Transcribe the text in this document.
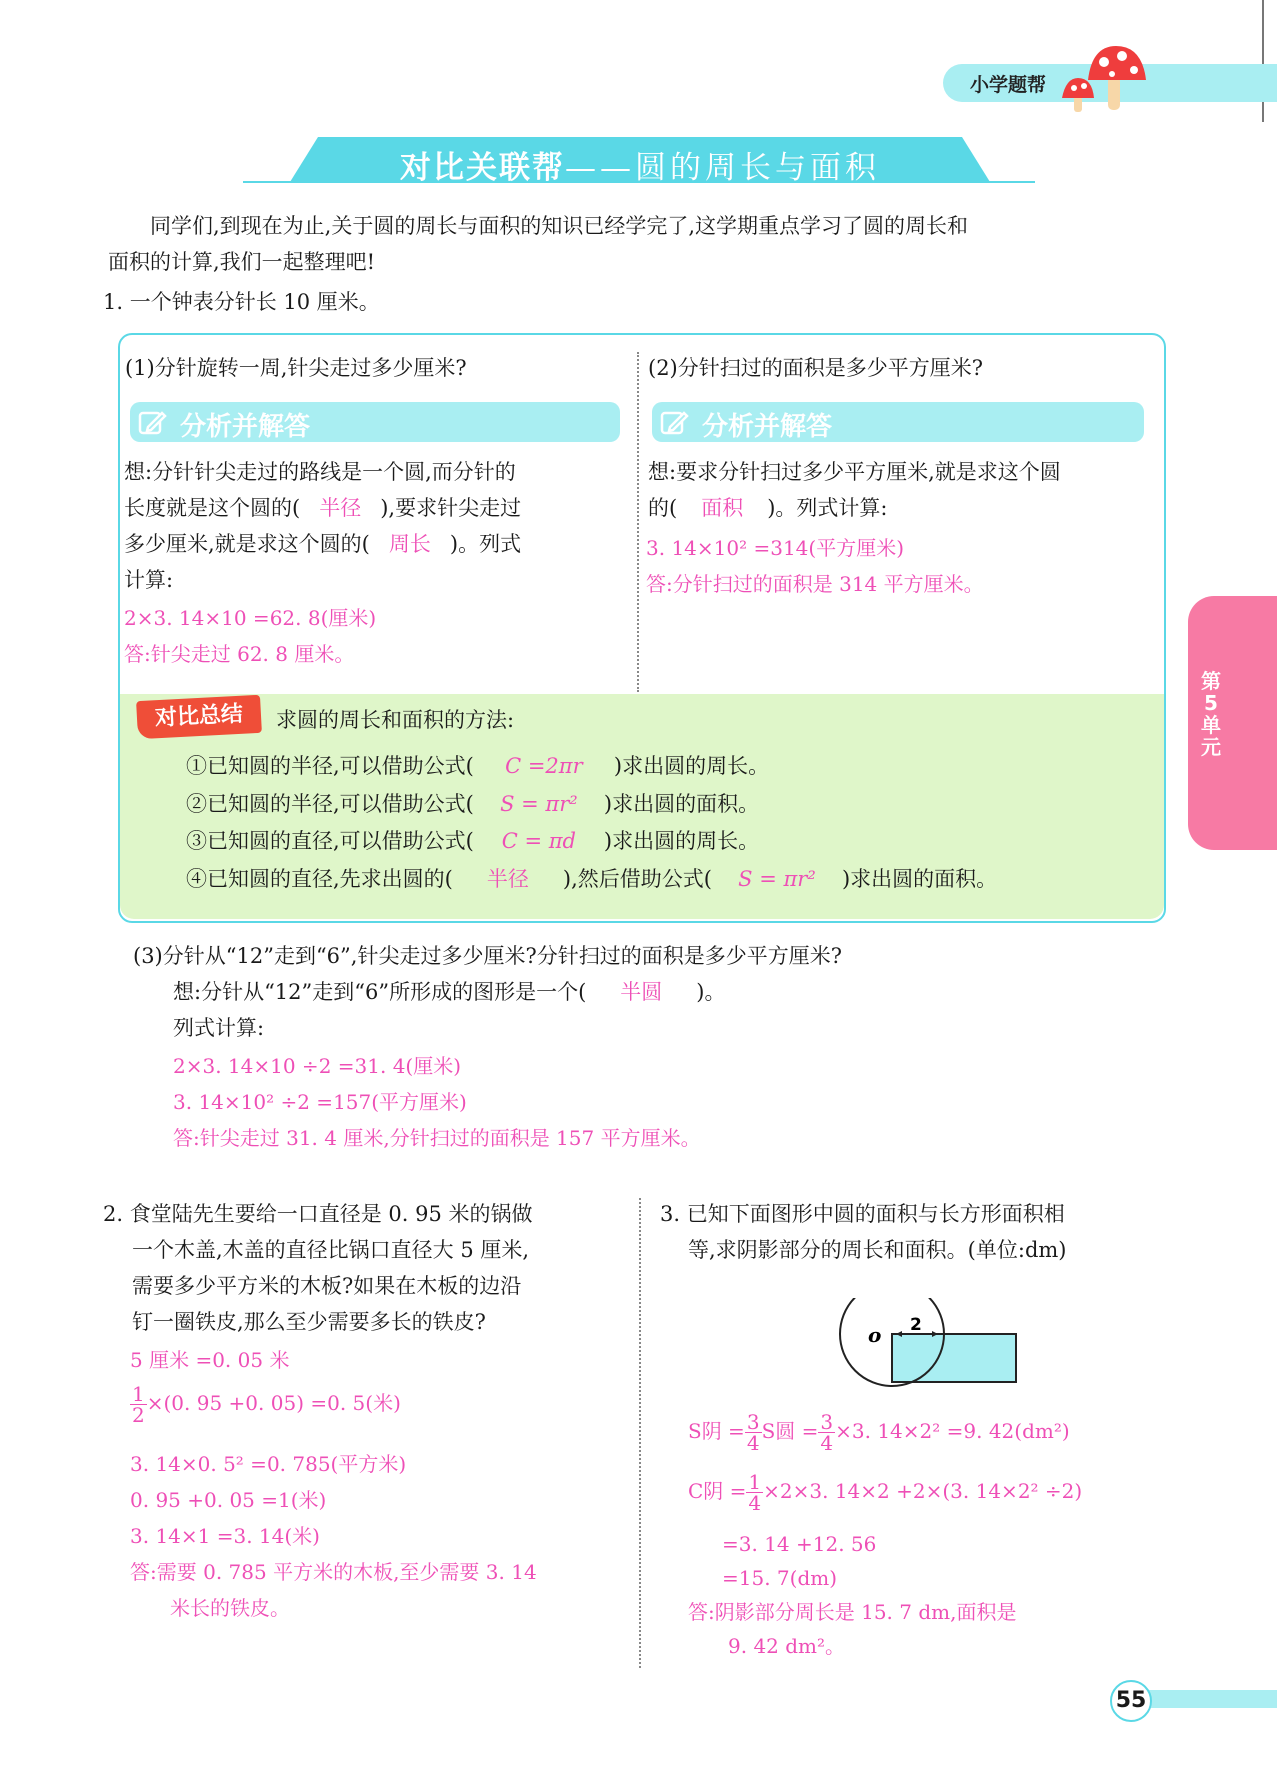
小学题帮
对比关联帮——圆的周长与面积
同学们,到现在为止,关于圆的周长与面积的知识已经学完了,这学期重点学习了圆的周长和
面积的计算,我们一起整理吧!
1. 一个钟表分针长 10 厘米。
(1)分针旋转一周,针尖走过多少厘米?
分析并解答
想:分针针尖走过的路线是一个圆,而分针的
长度就是这个圆的( 半径 ),要求针尖走过
多少厘米,就是求这个圆的( 周长 )。列式
计算:
2×3. 14×10 =62. 8(厘米)
答:针尖走过 62. 8 厘米。
(2)分针扫过的面积是多少平方厘米?
分析并解答
想:要求分针扫过多少平方厘米,就是求这个圆
的( 面积 )。列式计算:
3. 14×10² =314(平方厘米)
答:分针扫过的面积是 314 平方厘米。
对比总结	求圆的周长和面积的方法:
①已知圆的半径,可以借助公式( C =2πr )求出圆的周长。
②已知圆的半径,可以借助公式( S = πr² )求出圆的面积。
③已知圆的直径,可以借助公式( C = πd )求出圆的周长。
④已知圆的直径,先求出圆的( 半径 ),然后借助公式( S = πr² )求出圆的面积。
第5单元
(3)分针从“12”走到“6”,针尖走过多少厘米?分针扫过的面积是多少平方厘米?
想:分针从“12”走到“6”所形成的图形是一个( 半圆 )。
列式计算:
2×3. 14×10 ÷2 =31. 4(厘米)
3. 14×10² ÷2 =157(平方厘米)
答:针尖走过 31. 4 厘米,分针扫过的面积是 157 平方厘米。
2. 食堂陆先生要给一口直径是 0. 95 米的锅做
一个木盖,木盖的直径比锅口直径大 5 厘米,
需要多少平方米的木板?如果在木板的边沿
钉一圈铁皮,那么至少需要多长的铁皮?
5 厘米 =0. 05 米
$\frac{1}{2} \times(0$. 95 +0. 05) =0. 5(米)
3. 14×0. 5² =0. 785(平方米)
0. 95 +0. 05 =1(米)
3. 14×1 =3. 14(米)
答:需要 0. 785 平方米的木板,至少需要 3. 14
米长的铁皮。
3. 已知下面图形中圆的面积与长方形面积相
等,求阴影部分的周长和面积。(单位:dm)
o 2
S阴 = $\frac{3}{4}$ S圆 = $\frac{3}{4} \times 3$. 14×2² =9. 42(dm²)
C阴 = $\frac{1}{4} \times 2\times 3$. 14×2 +2×(3. 14×2² ÷2)
=3. 14 +12. 56
=15. 7(dm)
答:阴影部分周长是 15. 7 dm,面积是
9. 42 dm²。
55
